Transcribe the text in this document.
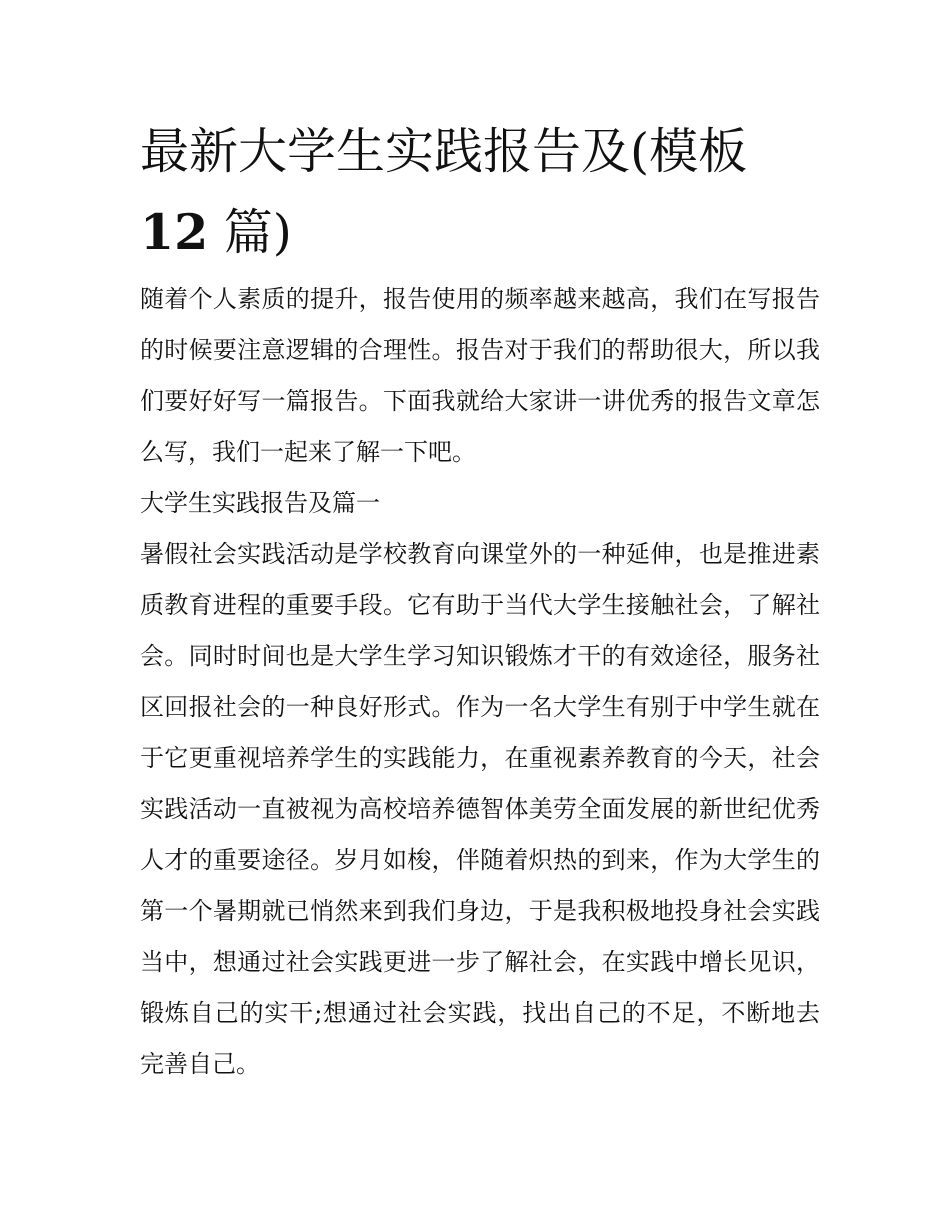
最新大学生实践报告及(模板
12 篇)

随着个人素质的提升，报告使用的频率越来越高，我们在写报告的时候要注意逻辑的合理性。报告对于我们的帮助很大，所以我们要好好写一篇报告。下面我就给大家讲一讲优秀的报告文章怎么写，我们一起来了解一下吧。

大学生实践报告及篇一

暑假社会实践活动是学校教育向课堂外的一种延伸，也是推进素质教育进程的重要手段。它有助于当代大学生接触社会，了解社会。同时时间也是大学生学习知识锻炼才干的有效途径，服务社区回报社会的一种良好形式。作为一名大学生有别于中学生就在于它更重视培养学生的实践能力，在重视素养教育的今天，社会实践活动一直被视为高校培养德智体美劳全面发展的新世纪优秀人才的重要途径。岁月如梭，伴随着炽热的到来，作为大学生的第一个暑期就已悄然来到我们身边，于是我积极地投身社会实践当中，想通过社会实践更进一步了解社会，在实践中增长见识，锻炼自己的实干;想通过社会实践，找出自己的不足，不断地去完善自己。
